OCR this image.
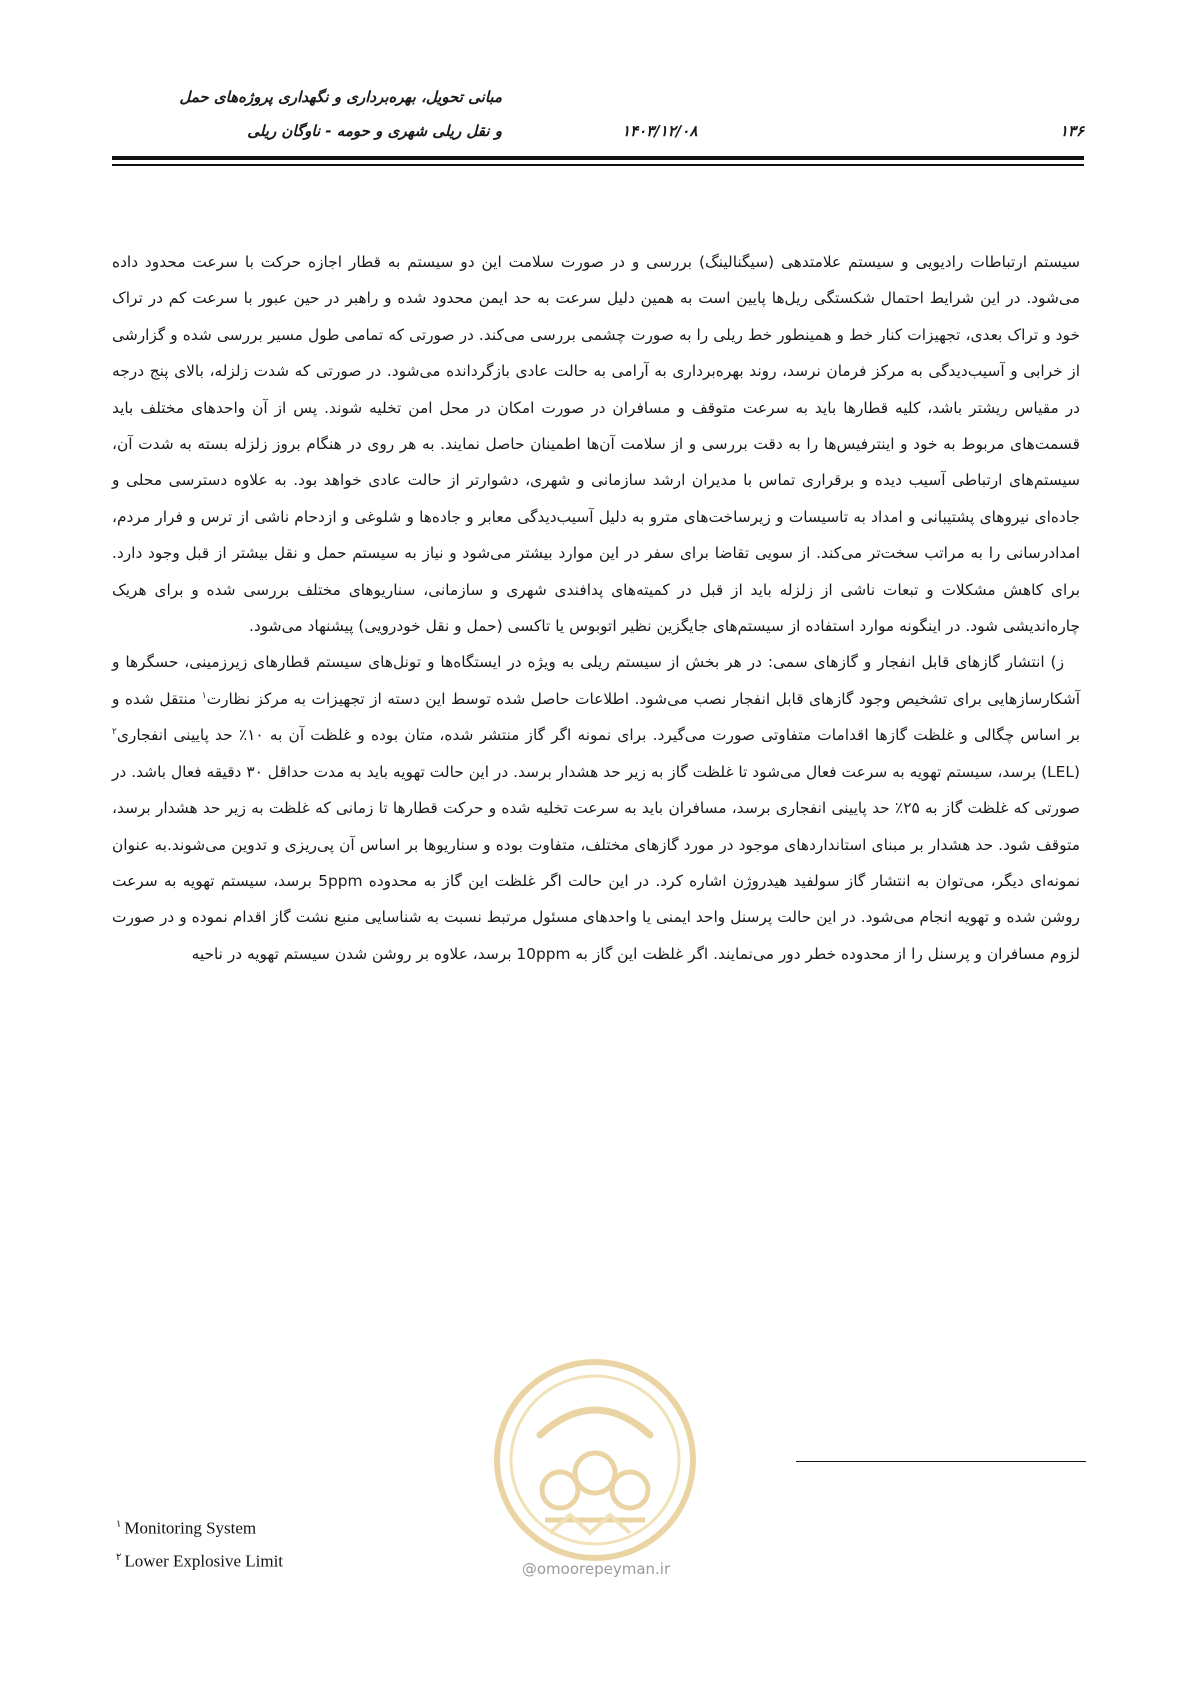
مبانی تحویل، بهره‌برداری و نگهداری پروژه‌های حمل
و نقل ریلی شهری و حومه - ناوگان ریلی	۱۴۰۳/۱۲/۰۸	۱۳۶

سیستم ارتباطات رادیویی و سیستم علامتدهی (سیگنالینگ) بررسی و در صورت سلامت این دو سیستم به قطار اجازه حرکت با سرعت محدود داده می‌شود. در این شرایط احتمال شکستگی ریل‌ها پایین است به همین دلیل سرعت به حد ایمن محدود شده و راهبر در حین عبور با سرعت کم در تراک خود و تراک بعدی، تجهیزات کنار خط و همینطور خط ریلی را به صورت چشمی بررسی می‌کند. در صورتی که تمامی طول مسیر بررسی شده و گزارشی از خرابی و آسیب‌دیدگی به مرکز فرمان نرسد، روند بهره‌برداری به آرامی به حالت عادی بازگردانده می‌شود. در صورتی که شدت زلزله، بالای پنج درجه در مقیاس ریشتر باشد، کلیه قطارها باید به سرعت متوقف و مسافران در صورت امکان در محل امن تخلیه شوند. پس از آن واحدهای مختلف باید قسمت‌های مربوط به خود و اینترفیس‌ها را به دقت بررسی و از سلامت آن‌ها اطمینان حاصل نمایند. به هر روی در هنگام بروز زلزله بسته به شدت آن، سیستم‌های ارتباطی آسیب دیده و برقراری تماس با مدیران ارشد سازمانی و شهری، دشوارتر از حالت عادی خواهد بود. به علاوه دسترسی محلی و جاده‌ای نیروهای پشتیبانی و امداد به تاسیسات و زیرساخت‌های مترو به دلیل آسیب‌دیدگی معابر و جاده‌ها و شلوغی و ازدحام ناشی از ترس و فرار مردم، امدادرسانی را به مراتب سخت‌تر می‌کند. از سویی تقاضا برای سفر در این موارد بیشتر می‌شود و نیاز به سیستم حمل و نقل بیشتر از قبل وجود دارد. برای کاهش مشکلات و تبعات ناشی از زلزله باید از قبل در کمیته‌های پدافندی شهری و سازمانی، سناریوهای مختلف بررسی شده و برای هریک چاره‌اندیشی شود. در اینگونه موارد استفاده از سیستم‌های جایگزین نظیر اتوبوس یا تاکسی (حمل و نقل خودرویی) پیشنهاد می‌شود.

ز) انتشار گازهای قابل انفجار و گازهای سمی: در هر بخش از سیستم ریلی به ویژه در ایستگاه‌ها و تونل‌های سیستم قطارهای زیرزمینی، حسگرها و آشکارسازهایی برای تشخیص وجود گازهای قابل انفجار نصب می‌شود. اطلاعات حاصل شده توسط این دسته از تجهیزات به مرکز نظارت$^۱$ منتقل شده و بر اساس چگالی و غلظت گازها اقدامات متفاوتی صورت می‌گیرد. برای نمونه اگر گاز منتشر شده، متان بوده و غلظت آن به ۱۰٪ حد پایینی انفجاری$^۲$ (LEL) برسد، سیستم تهویه به سرعت فعال می‌شود تا غلظت گاز به زیر حد هشدار برسد. در این حالت تهویه باید به مدت حداقل ۳۰ دقیقه فعال باشد. در صورتی که غلظت گاز به ۲۵٪ حد پایینی انفجاری برسد، مسافران باید به سرعت تخلیه شده و حرکت قطارها تا زمانی که غلظت به زیر حد هشدار برسد، متوقف شود. حد هشدار بر مبنای استانداردهای موجود در مورد گازهای مختلف، متفاوت بوده و سناریوها بر اساس آن پی‌ریزی و تدوین می‌شوند.به عنوان نمونه‌ای دیگر، می‌توان به انتشار گاز سولفید هیدروژن اشاره کرد. در این حالت اگر غلظت این گاز به محدوده 5ppm برسد، سیستم تهویه به سرعت روشن شده و تهویه انجام می‌شود. در این حالت پرسنل واحد ایمنی یا واحدهای مسئول مرتبط نسبت به شناسایی منبع نشت گاز اقدام نموده و در صورت لزوم مسافران و پرسنل را از محدوده خطر دور می‌نمایند. اگر غلظت این گاز به 10ppm برسد، علاوه بر روشن شدن سیستم تهویه در ناحیه

$^۱$ Monitoring System
$^۲$ Lower Explosive Limit	@omoorepeyman.ir
